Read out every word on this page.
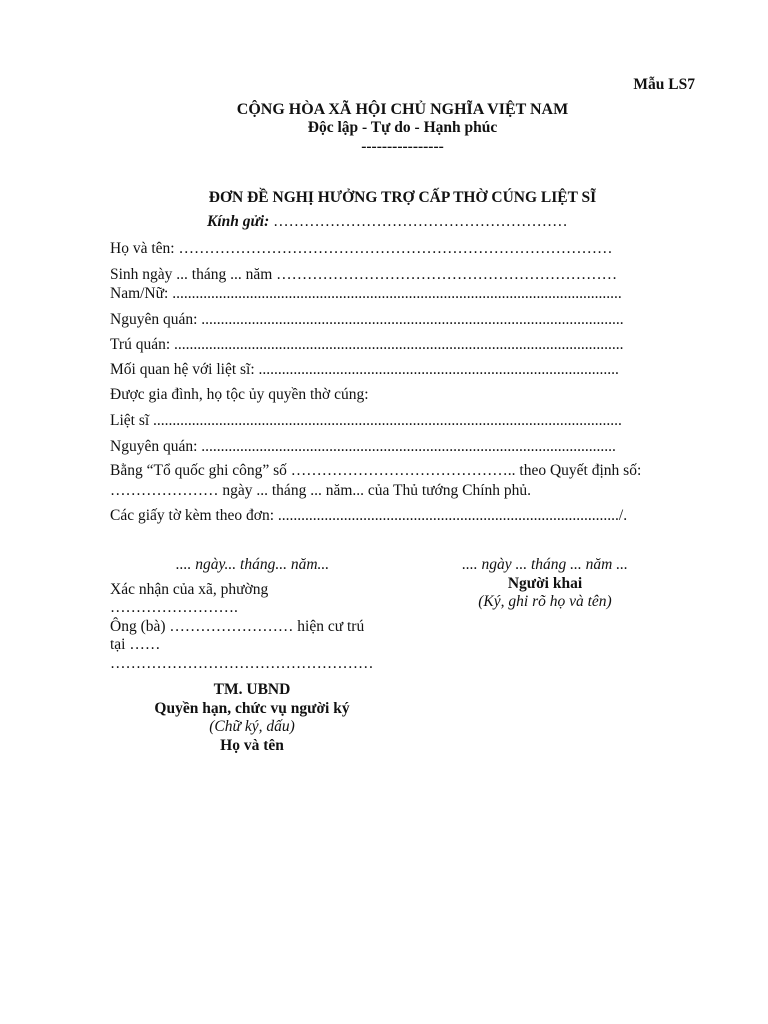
Mẫu LS7
CỘNG HÒA XÃ HỘI CHỦ NGHĨA VIỆT NAM
Độc lập - Tự do - Hạnh phúc
----------------
ĐƠN ĐỀ NGHỊ HƯỞNG TRỢ CẤP THỜ CÚNG LIỆT SĨ
Kính gửi: …………………………………………………
Họ và tên: …………………………………………………………………………
Sinh ngày ... tháng ... năm …………………………………………………………
Nam/Nữ: ....................................................................................................................
Nguyên quán: .............................................................................................................
Trú quán: ....................................................................................................................
Mối quan hệ với liệt sĩ: .............................................................................................
Được gia đình, họ tộc ủy quyền thờ cúng:
Liệt sĩ .........................................................................................................................
Nguyên quán: ...........................................................................................................
Bằng “Tổ quốc ghi công” số …………………………………….. theo Quyết định số:
………………… ngày ... tháng ... năm... của Thủ tướng Chính phủ.
Các giấy tờ kèm theo đơn: ......................................................................................../.
.... ngày... tháng... năm...
Xác nhận của xã, phường
…………………….
Ông (bà) …………………… hiện cư trú
tại ……
……………………………………………
.... ngày ... tháng ... năm ...
Người khai
(Ký, ghi rõ họ và tên)
TM. UBND
Quyền hạn, chức vụ người ký
(Chữ ký, dấu)
Họ và tên
